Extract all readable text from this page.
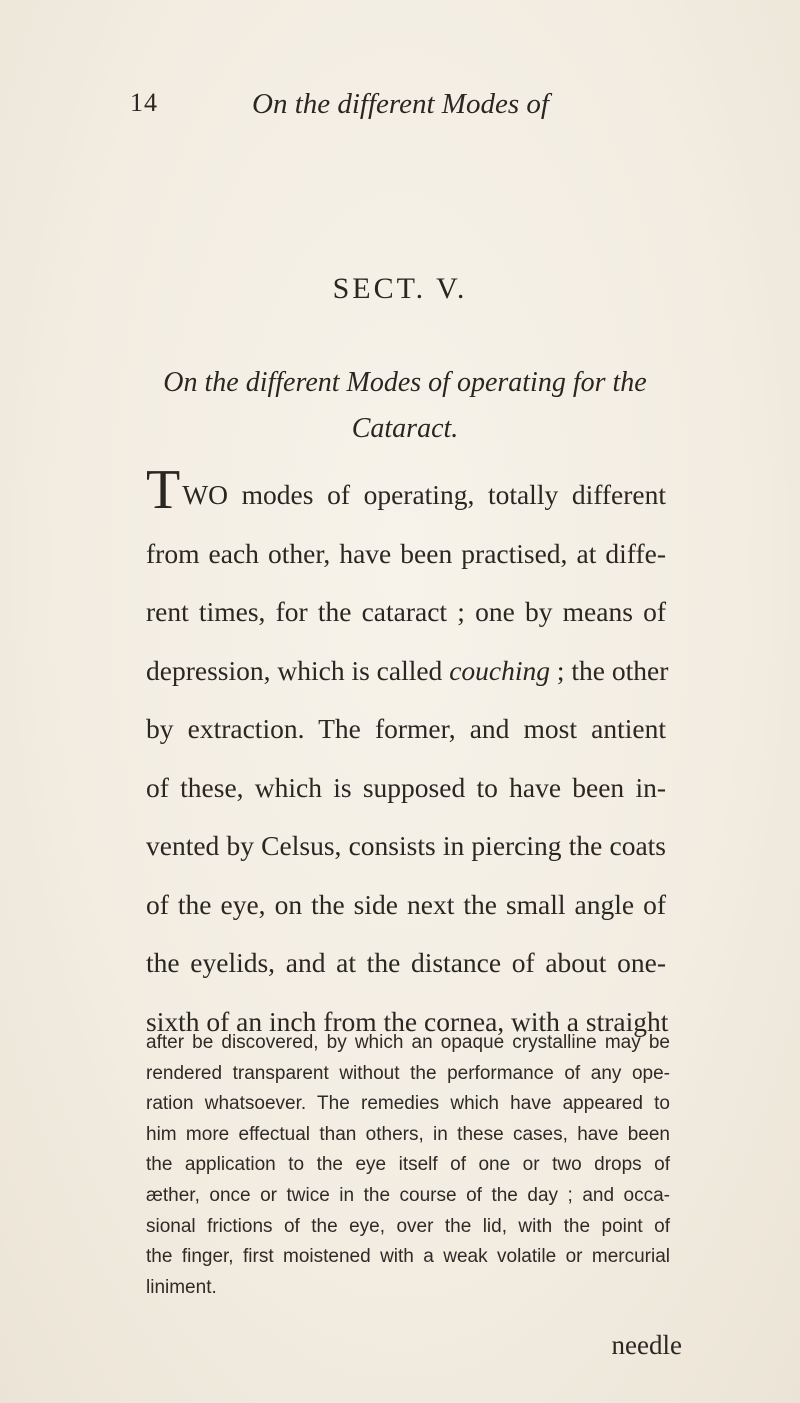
14	On the different Modes of
SECT. V.
On the different Modes of operating for the
Cataract.
TWO modes of operating, totally different
from each other, have been practised, at diffe-
rent times, for the cataract ; one by means of
depression, which is called couching ; the other
by extraction. The former, and most antient
of these, which is supposed to have been in-
vented by Celsus, consists in piercing the coats
of the eye, on the side next the small angle of
the eyelids, and at the distance of about one-
sixth of an inch from the cornea, with a straight
after be discovered, by which an opaque crystalline may be
rendered transparent without the performance of any ope-
ration whatsoever. The remedies which have appeared to
him more effectual than others, in these cases, have been
the application to the eye itself of one or two drops of
æther, once or twice in the course of the day ; and occa-
sional frictions of the eye, over the lid, with the point of
the finger, first moistened with a weak volatile or mercurial
liniment.
needle
